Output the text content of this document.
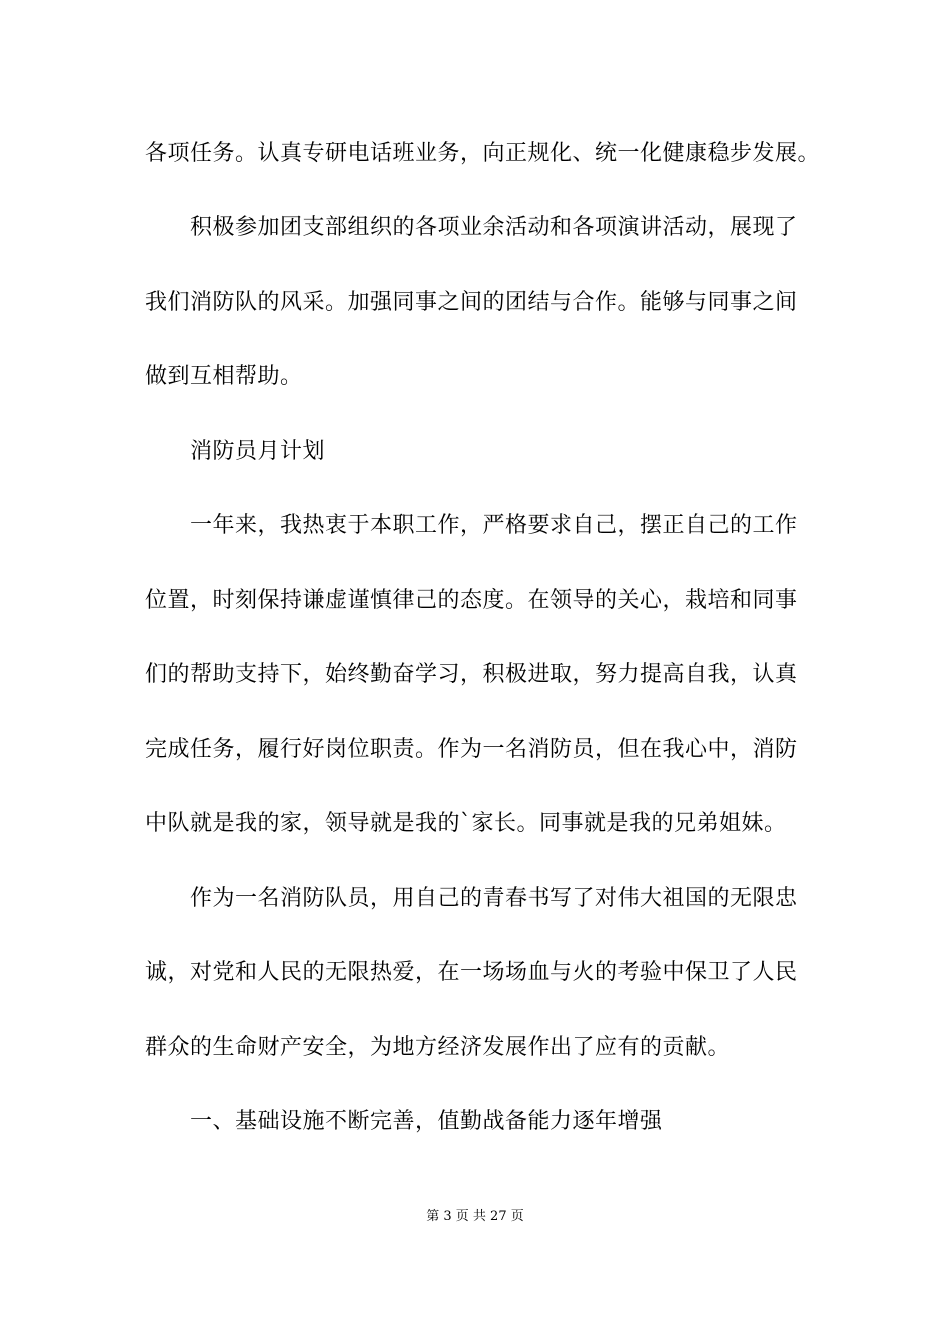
各项任务。认真专研电话班业务，向正规化、统一化健康稳步发展。
积极参加团支部组织的各项业余活动和各项演讲活动，展现了
我们消防队的风采。加强同事之间的团结与合作。能够与同事之间
做到互相帮助。
消防员月计划
一年来，我热衷于本职工作，严格要求自己，摆正自己的工作
位置，时刻保持谦虚谨慎律己的态度。在领导的关心，栽培和同事
们的帮助支持下，始终勤奋学习，积极进取，努力提高自我，认真
完成任务，履行好岗位职责。作为一名消防员，但在我心中，消防
中队就是我的家，领导就是我的`家长。同事就是我的兄弟姐妹。
作为一名消防队员，用自己的青春书写了对伟大祖国的无限忠
诚，对党和人民的无限热爱，在一场场血与火的考验中保卫了人民
群众的生命财产安全，为地方经济发展作出了应有的贡献。
一、基础设施不断完善，值勤战备能力逐年增强
第 3 页 共 27 页
